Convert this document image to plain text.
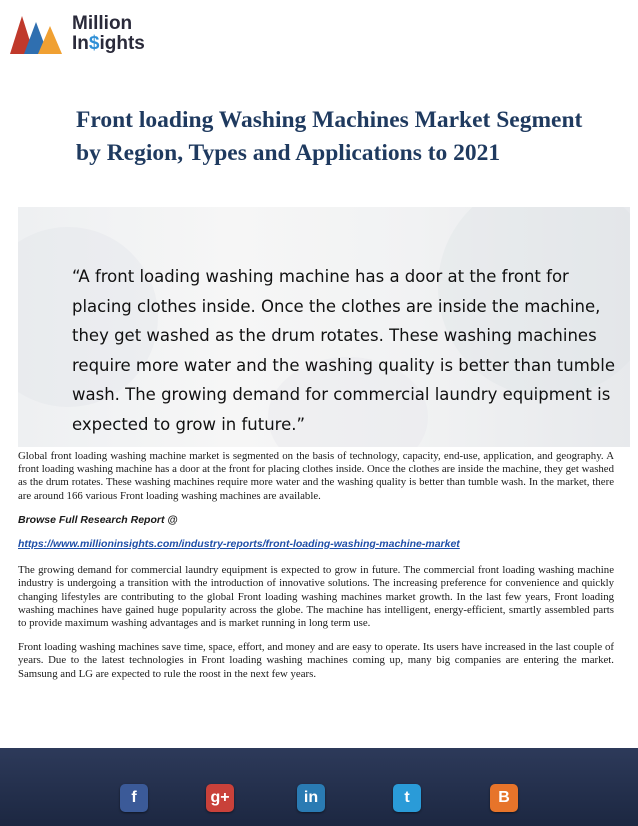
Million
In$ights
Front loading Washing Machines Market Segment by Region, Types and Applications to 2021

“A front loading washing machine has a door at the front for placing clothes inside. Once the clothes are inside the machine, they get washed as the drum rotates. These washing machines require more water and the washing quality is better than tumble wash. The growing demand for commercial laundry equipment is expected to grow in future.”

Global front loading washing machine market is segmented on the basis of technology, capacity, end-use, application, and geography. A front loading washing machine has a door at the front for placing clothes inside. Once the clothes are inside the machine, they get washed as the drum rotates. These washing machines require more water and the washing quality is better than tumble wash. In the market, there are around 166 various Front loading washing machines are available.

Browse Full Research Report @
https://www.millioninsights.com/industry-reports/front-loading-washing-machine-market

The growing demand for commercial laundry equipment is expected to grow in future. The commercial front loading washing machine industry is undergoing a transition with the introduction of innovative solutions. The increasing preference for convenience and quickly changing lifestyles are contributing to the global Front loading washing machines market growth. In the last few years, Front loading washing machines have gained huge popularity across the globe. The machine has intelligent, energy-efficient, smartly assembled parts to provide maximum washing advantages and is market running in long term use.

Front loading washing machines save time, space, effort, and money and are easy to operate. Its users have increased in the last couple of years. Due to the latest technologies in Front loading washing machines coming up, many big companies are entering the market. Samsung and LG are expected to rule the roost in the next few years.

f	g+	in	t	B
